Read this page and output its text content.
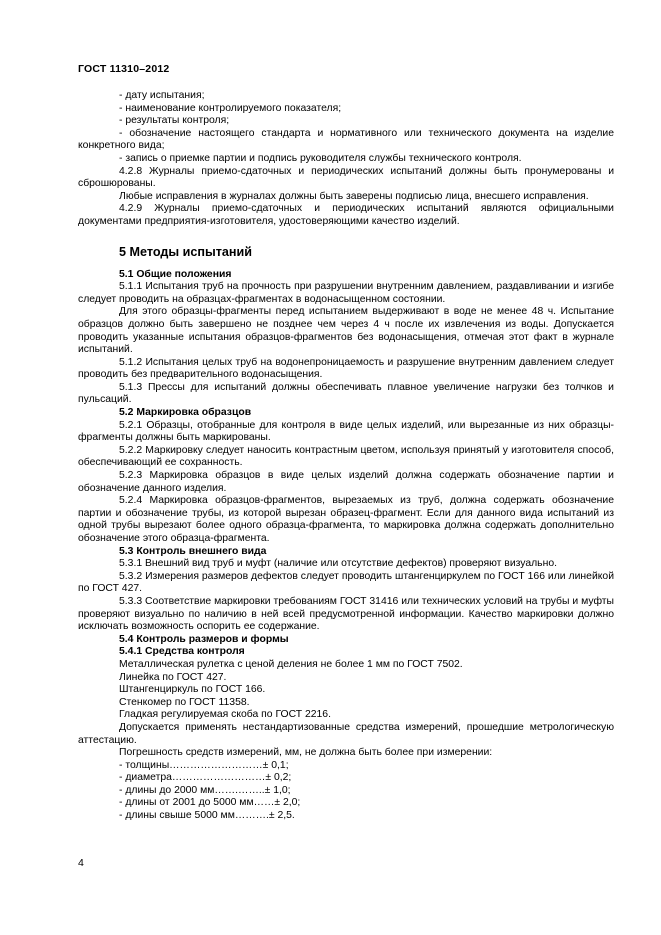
ГОСТ 11310–2012

- дату испытания;

- наименование контролируемого показателя;

- результаты контроля;

- обозначение настоящего стандарта и нормативного или технического документа на изделие конкретного вида;

- запись о приемке партии и подпись руководителя службы технического контроля.

4.2.8 Журналы приемо-сдаточных и периодических испытаний должны быть пронумерованы и сброшюрованы.

Любые исправления в журналах должны быть заверены подписью лица, внесшего исправления.

4.2.9 Журналы приемо-сдаточных и периодических испытаний являются официальными документами предприятия-изготовителя, удостоверяющими качество изделий.

5 Методы испытаний

5.1 Общие положения

5.1.1 Испытания труб на прочность при разрушении внутренним давлением, раздавливании и изгибе следует проводить на образцах-фрагментах в водонасыщенном состоянии.

Для этого образцы-фрагменты перед испытанием выдерживают в воде не менее 48 ч. Испытание образцов должно быть завершено не позднее чем через 4 ч после их извлечения из воды. Допускается проводить указанные испытания образцов-фрагментов без водонасыщения, отмечая этот факт в журнале испытаний.

5.1.2 Испытания целых труб на водонепроницаемость и разрушение внутренним давлением следует проводить без предварительного водонасыщения.

5.1.3 Прессы для испытаний должны обеспечивать плавное увеличение нагрузки без толчков и пульсаций.

5.2 Маркировка образцов

5.2.1 Образцы, отобранные для контроля в виде целых изделий, или вырезанные из них образцы-фрагменты должны быть маркированы.

5.2.2 Маркировку следует наносить контрастным цветом, используя принятый у изготовителя способ, обеспечивающий ее сохранность.

5.2.3 Маркировка образцов в виде целых изделий должна содержать обозначение партии и обозначение данного изделия.

5.2.4 Маркировка образцов-фрагментов, вырезаемых из труб, должна содержать обозначение партии и обозначение трубы, из которой вырезан образец-фрагмент. Если для данного вида испытаний из одной трубы вырезают более одного образца-фрагмента, то маркировка должна содержать дополнительно обозначение этого образца-фрагмента.

5.3 Контроль внешнего вида

5.3.1 Внешний вид труб и муфт (наличие или отсутствие дефектов) проверяют визуально.

5.3.2 Измерения размеров дефектов следует проводить штангенциркулем по ГОСТ 166 или линейкой по ГОСТ 427.

5.3.3 Соответствие маркировки требованиям ГОСТ 31416 или технических условий на трубы и муфты проверяют визуально по наличию в ней всей предусмотренной информации. Качество маркировки должно исключать возможность оспорить ее содержание.

5.4 Контроль размеров и формы

5.4.1 Средства контроля

Металлическая рулетка с ценой деления не более 1 мм по ГОСТ 7502.

Линейка по ГОСТ 427.

Штангенциркуль по ГОСТ 166.

Стенкомер по ГОСТ 11358.

Гладкая регулируемая скоба по ГОСТ 2216.

Допускается применять нестандартизованные средства измерений, прошедшие метрологическую аттестацию.

Погрешность средств измерений, мм, не должна быть более при измерении:

- толщины………………………± 0,1;

- диаметра………………………± 0,2;

- длины до 2000 мм…….……..± 1,0;

- длины от 2001 до 5000 мм……± 2,0;

- длины свыше 5000 мм……….± 2,5.

4
